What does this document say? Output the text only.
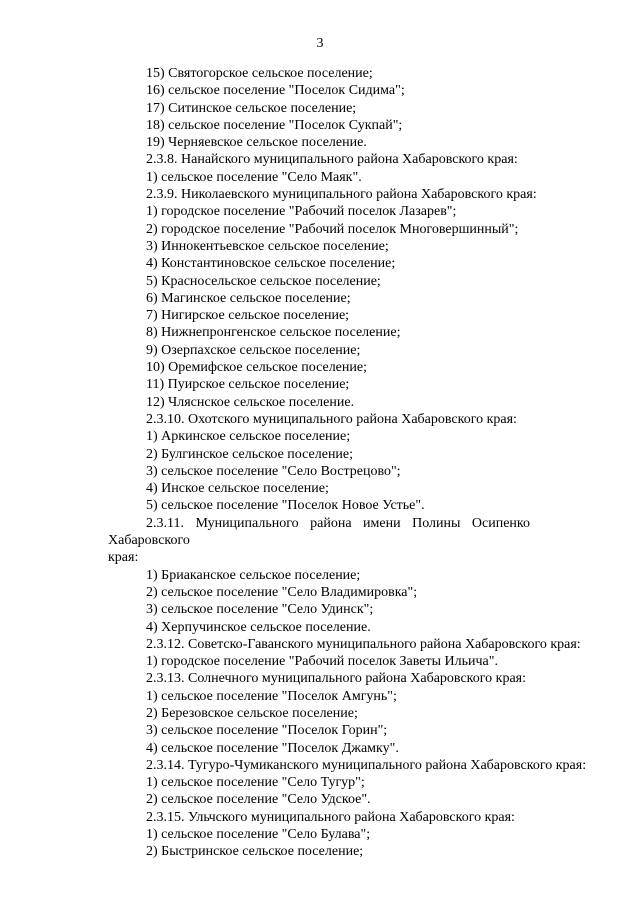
3
15) Святогорское сельское поселение;
16) сельское поселение "Поселок Сидима";
17) Ситинское сельское поселение;
18) сельское поселение "Поселок Сукпай";
19) Черняевское сельское поселение.
2.3.8. Нанайского муниципального района Хабаровского края:
1) сельское поселение "Село Маяк".
2.3.9. Николаевского муниципального района Хабаровского края:
1) городское поселение "Рабочий поселок Лазарев";
2) городское поселение "Рабочий поселок Многовершинный";
3) Иннокентьевское сельское поселение;
4) Константиновское сельское поселение;
5) Красносельское сельское поселение;
6) Магинское сельское поселение;
7) Нигирское сельское поселение;
8) Нижнепронгенское сельское поселение;
9) Озерпахское сельское поселение;
10) Оремифское сельское поселение;
11) Пуирское сельское поселение;
12) Чляснское сельское поселение.
2.3.10. Охотского муниципального района Хабаровского края:
1) Аркинское сельское поселение;
2) Булгинское сельское поселение;
3) сельское поселение "Село Вострецово";
4) Инское сельское поселение;
5) сельское поселение "Поселок Новое Устье".
2.3.11. Муниципального района имени Полины Осипенко Хабаровского
края:
1) Бриаканское сельское поселение;
2) сельское поселение "Село Владимировка";
3) сельское поселение "Село Удинск";
4) Херпучинское сельское поселение.
2.3.12. Советско-Гаванского муниципального района Хабаровского края:
1) городское поселение "Рабочий поселок Заветы Ильича".
2.3.13. Солнечного муниципального района Хабаровского края:
1) сельское поселение "Поселок Амгунь";
2) Березовское сельское поселение;
3) сельское поселение "Поселок Горин";
4) сельское поселение "Поселок Джамку".
2.3.14. Тугуро-Чумиканского муниципального района Хабаровского края:
1) сельское поселение "Село Тугур";
2) сельское поселение "Село Удское".
2.3.15. Ульчского муниципального района Хабаровского края:
1) сельское поселение "Село Булава";
2) Быстринское сельское поселение;
